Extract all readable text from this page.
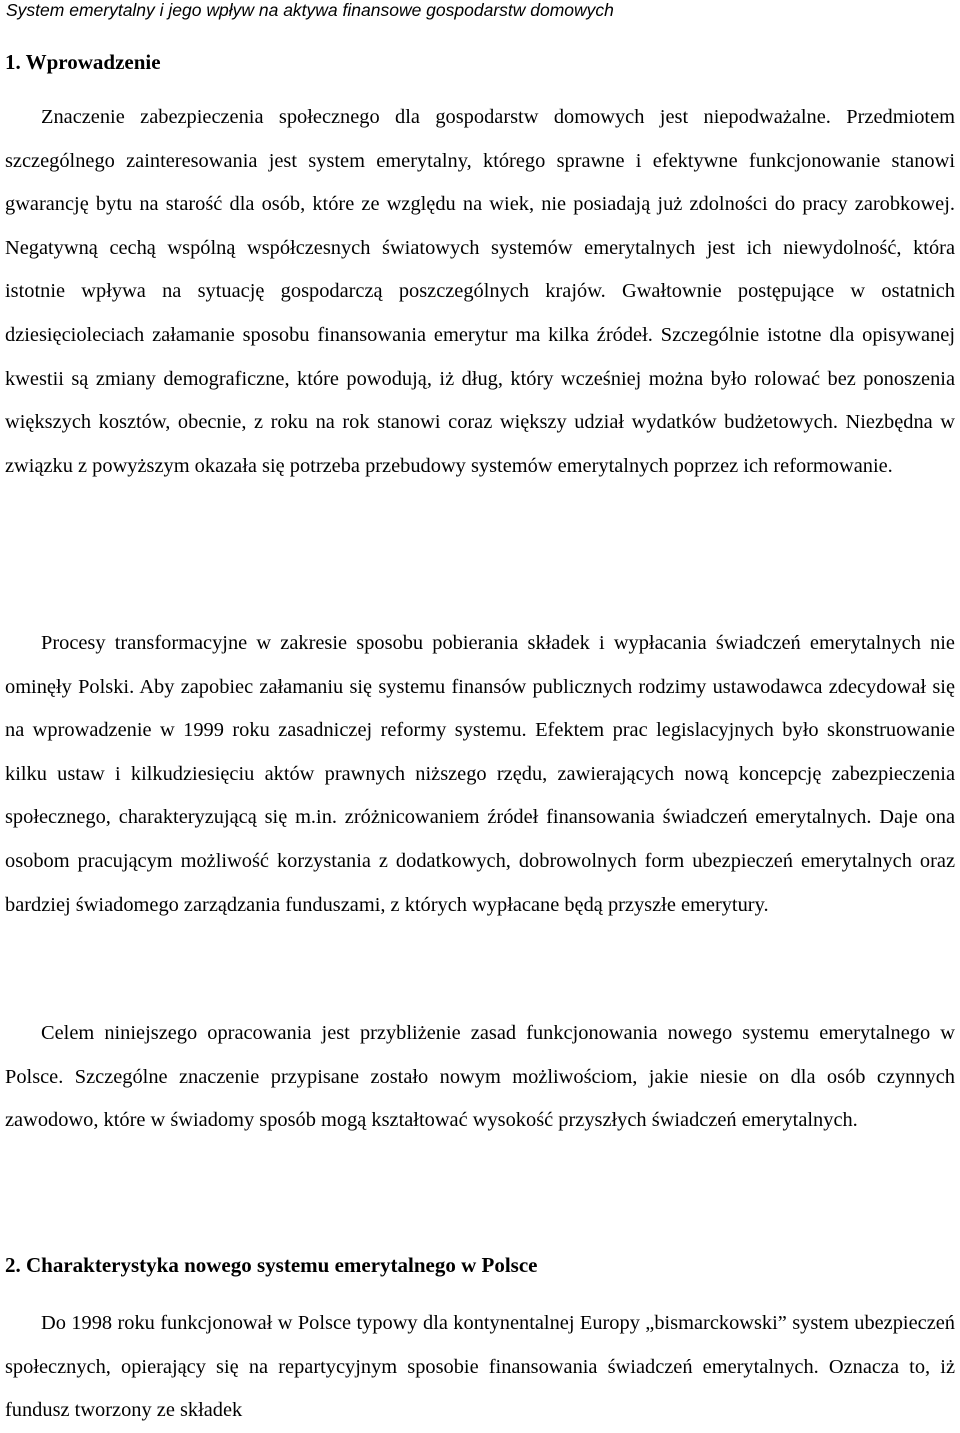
System emerytalny i jego wpływ na aktywa finansowe gospodarstw domowych
1. Wprowadzenie

Znaczenie zabezpieczenia społecznego dla gospodarstw domowych jest niepodważalne. Przedmiotem szczególnego zainteresowania jest system emerytalny, którego sprawne i efektywne funkcjonowanie stanowi gwarancję bytu na starość dla osób, które ze względu na wiek, nie posiadają już zdolności do pracy zarobkowej. Negatywną cechą wspólną współczesnych światowych systemów emerytalnych jest ich niewydolność, która istotnie wpływa na sytuację gospodarczą poszczególnych krajów. Gwałtownie postępujące w ostatnich dziesięcioleciach załamanie sposobu finansowania emerytur ma kilka źródeł. Szczególnie istotne dla opisywanej kwestii są zmiany demograficzne, które powodują, iż dług, który wcześniej można było rolować bez ponoszenia większych kosztów, obecnie, z roku na rok stanowi coraz większy udział wydatków budżetowych. Niezbędna w związku z powyższym okazała się potrzeba przebudowy systemów emerytalnych poprzez ich reformowanie.

Procesy transformacyjne w zakresie sposobu pobierania składek i wypłacania świadczeń emerytalnych nie ominęły Polski. Aby zapobiec załamaniu się systemu finansów publicznych rodzimy ustawodawca zdecydował się na wprowadzenie w 1999 roku zasadniczej reformy systemu. Efektem prac legislacyjnych było skonstruowanie kilku ustaw i kilkudziesięciu aktów prawnych niższego rzędu, zawierających nową koncepcję zabezpieczenia społecznego, charakteryzującą się m.in. zróżnicowaniem źródeł finansowania świadczeń emerytalnych. Daje ona osobom pracującym możliwość korzystania z dodatkowych, dobrowolnych form ubezpieczeń emerytalnych oraz bardziej świadomego zarządzania funduszami, z których wypłacane będą przyszłe emerytury.

Celem niniejszego opracowania jest przybliżenie zasad funkcjonowania nowego systemu emerytalnego w Polsce. Szczególne znaczenie przypisane zostało nowym możliwościom, jakie niesie on dla osób czynnych zawodowo, które w świadomy sposób mogą kształtować wysokość przyszłych świadczeń emerytalnych.

2. Charakterystyka nowego systemu emerytalnego w Polsce

Do 1998 roku funkcjonował w Polsce typowy dla kontynentalnej Europy „bismarckowski” system ubezpieczeń społecznych, opierający się na repartycyjnym sposobie finansowania świadczeń emerytalnych. Oznacza to, iż fundusz tworzony ze składek
